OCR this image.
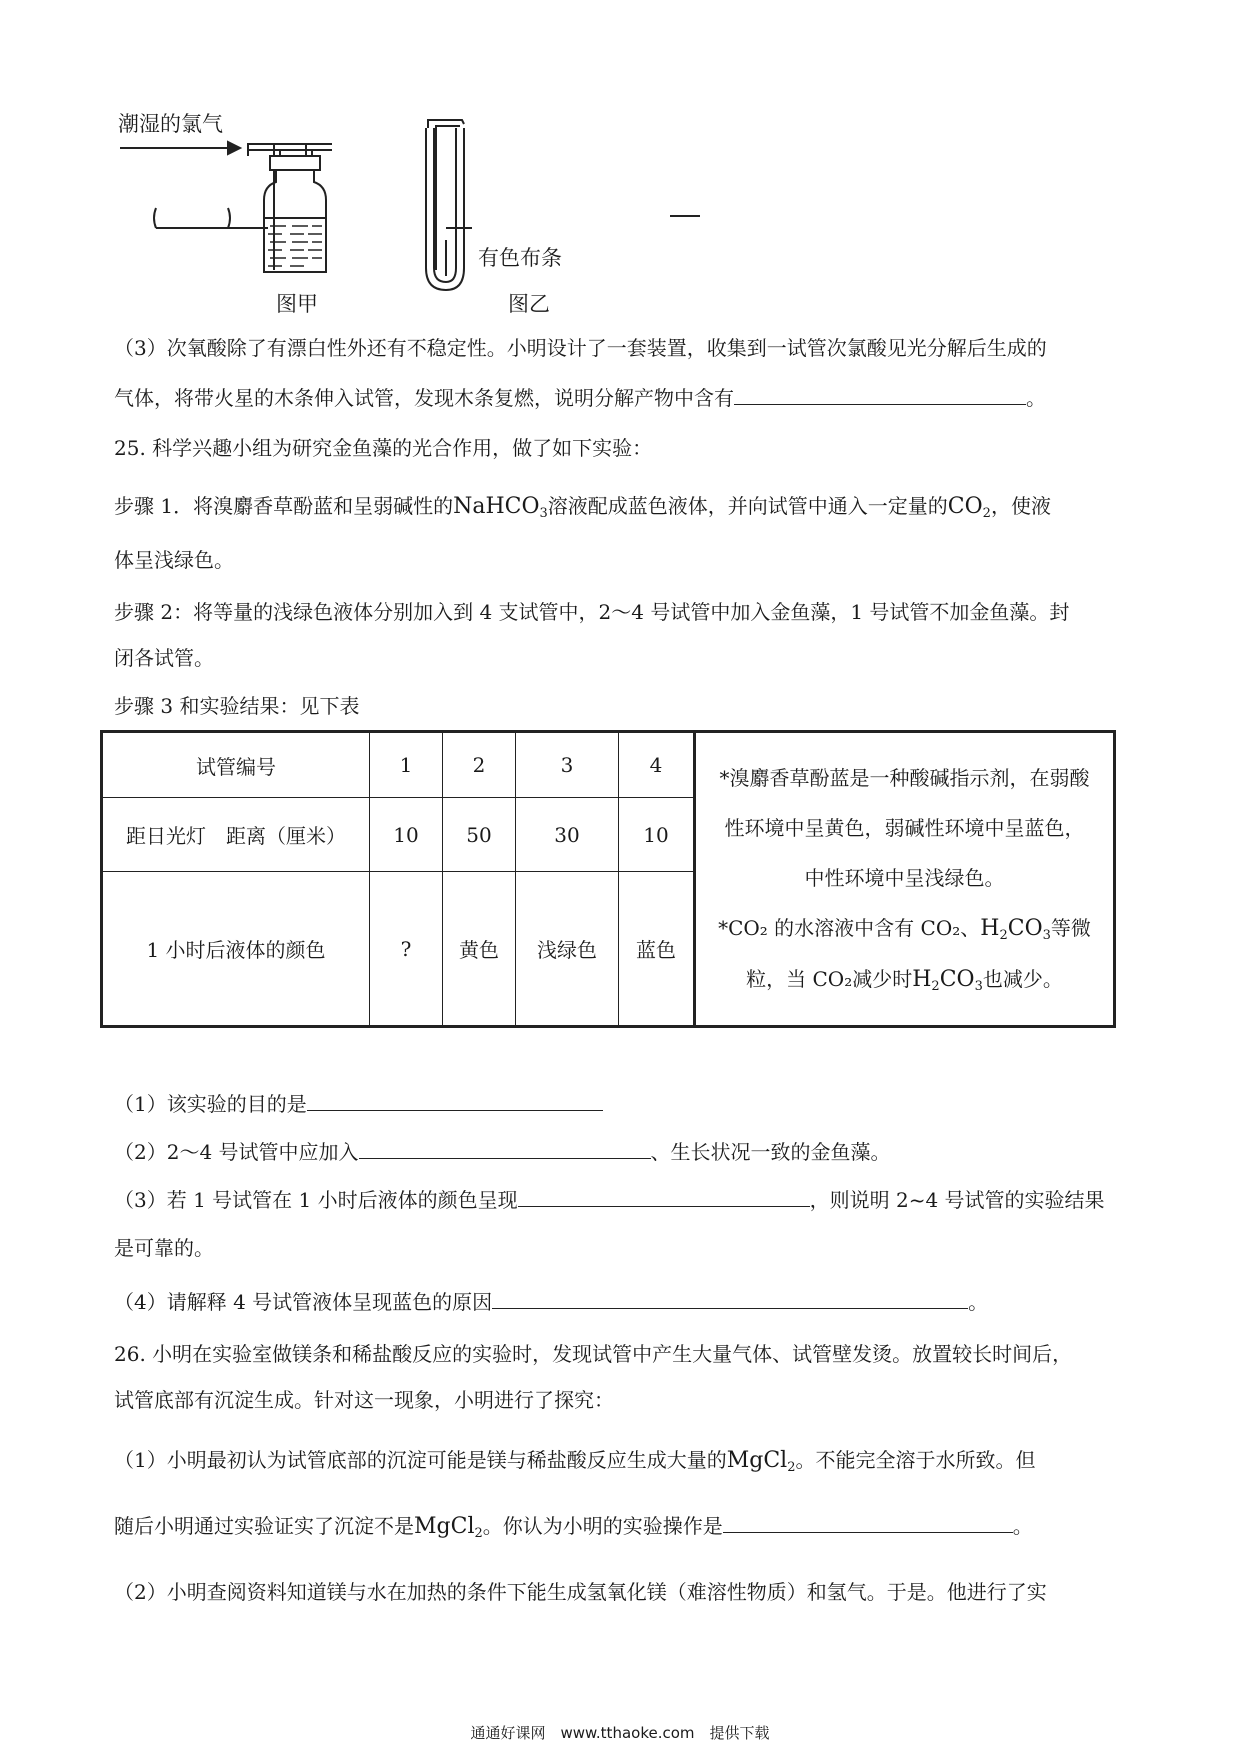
潮湿的氯气
有色布条
图甲	图乙
（3）次氧酸除了有漂白性外还有不稳定性。小明设计了一套装置，收集到一试管次氯酸见光分解后生成的
气体，将带火星的木条伸入试管，发现木条复燃，说明分解产物中含有	。
25. 科学兴趣小组为研究金鱼藻的光合作用，做了如下实验：
步骤 1．将溴麝香草酚蓝和呈弱碱性的NaHCO$_3$溶液配成蓝色液体，并向试管中通入一定量的$CO_2$，使液
体呈浅绿色。
步骤 2：将等量的浅绿色液体分别加入到 4 支试管中，2～4 号试管中加入金鱼藻，1 号试管不加金鱼藻。封
闭各试管。
步骤 3 和实验结果：见下表
试管编号	1	2	3	4	*溴麝香草酚蓝是一种酸碱指示剂，在弱酸
性环境中呈黄色，弱碱性环境中呈蓝色，
中性环境中呈浅绿色。
*CO₂ 的水溶液中含有 CO₂、$H_2CO_3$等微
粒，当 CO₂减少时$H_2CO_3$也减少。

距日光灯　距离（厘米）	10	50	30	10	
1 小时后液体的颜色	?	黄色	浅绿色	蓝色	
（1）该实验的目的是
（2）2～4 号试管中应加入	、生长状况一致的金鱼藻。
（3）若 1 号试管在 1 小时后液体的颜色呈现	，则说明 2~4 号试管的实验结果
是可靠的。
（4）请解释 4 号试管液体呈现蓝色的原因	。
26. 小明在实验室做镁条和稀盐酸反应的实验时，发现试管中产生大量气体、试管壁发烫。放置较长时间后，
试管底部有沉淀生成。针对这一现象，小明进行了探究：
（1）小明最初认为试管底部的沉淀可能是镁与稀盐酸反应生成大量的MgCl$_2$。不能完全溶于水所致。但
随后小明通过实验证实了沉淀不是MgCl$_2$。你认为小明的实验操作是	。
（2）小明查阅资料知道镁与水在加热的条件下能生成氢氧化镁（难溶性物质）和氢气。于是。他进行了实
通通好课网　www.tthaoke.com　提供下载
